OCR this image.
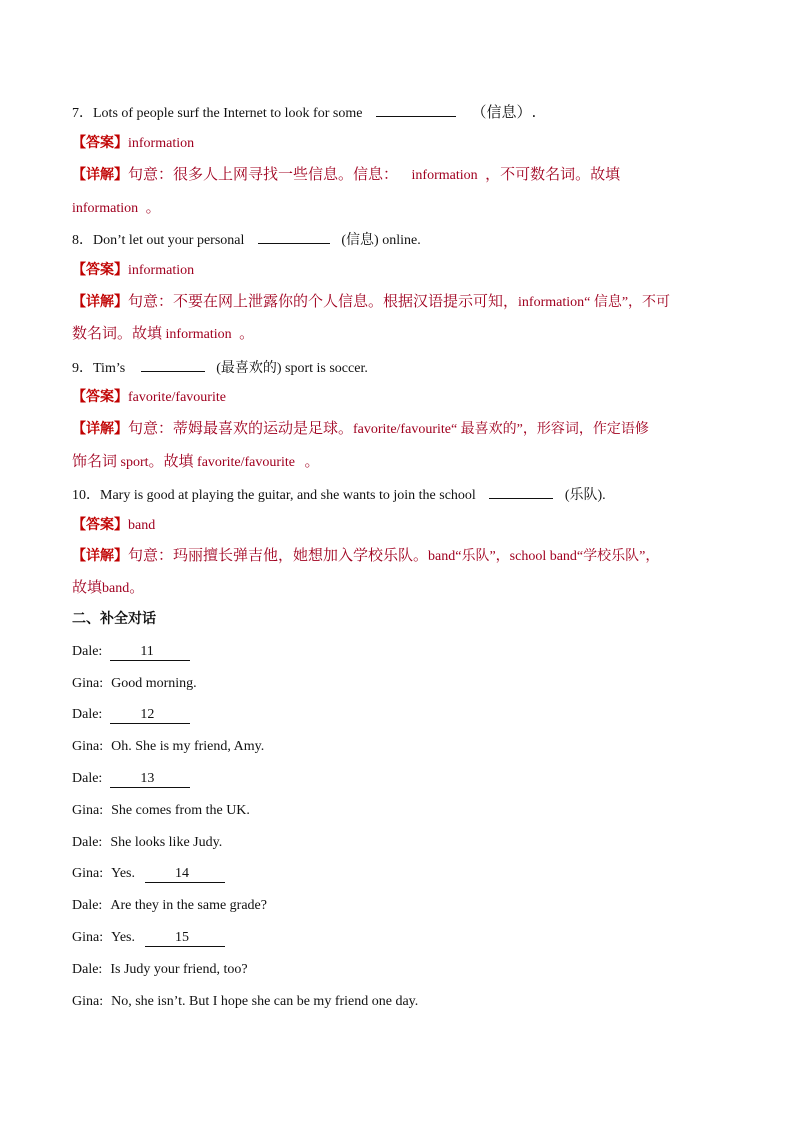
7．Lots of people surf the Internet to look for some	（信息）.
【答案】information
【详解】句意：很多人上网寻找一些信息。信息： information ，不可数名词。故填
information 。
8．Don’t let out your personal	(信息) online.
【答案】information
【详解】句意：不要在网上泄露你的个人信息。根据汉语提示可知，information“ 信息”，不可
数名词。故填 information 。
9．Tim’s	(最喜欢的) sport is soccer.
【答案】favorite/favourite
【详解】句意：蒂姆最喜欢的运动是足球。favorite/favourite“ 最喜欢的”，形容词，作定语修
饰名词 sport。故填 favorite/favourite 。
10．Mary is good at playing the guitar, and she wants to join the school	(乐队).
【答案】band
【详解】句意：玛丽擅长弹吉他，她想加入学校乐队。band“乐队”，school band“学校乐队”，
故填band。
二、补全对话
Dale:	11
Gina: Good morning.
Dale:	12
Gina: Oh. She is my friend, Amy.
Dale:	13
Gina: She comes from the UK.
Dale: She looks like Judy.
Gina: Yes.	14
Dale: Are they in the same grade?
Gina: Yes.	15
Dale: Is Judy your friend, too?
Gina: No, she isn’t. But I hope she can be my friend one day.
